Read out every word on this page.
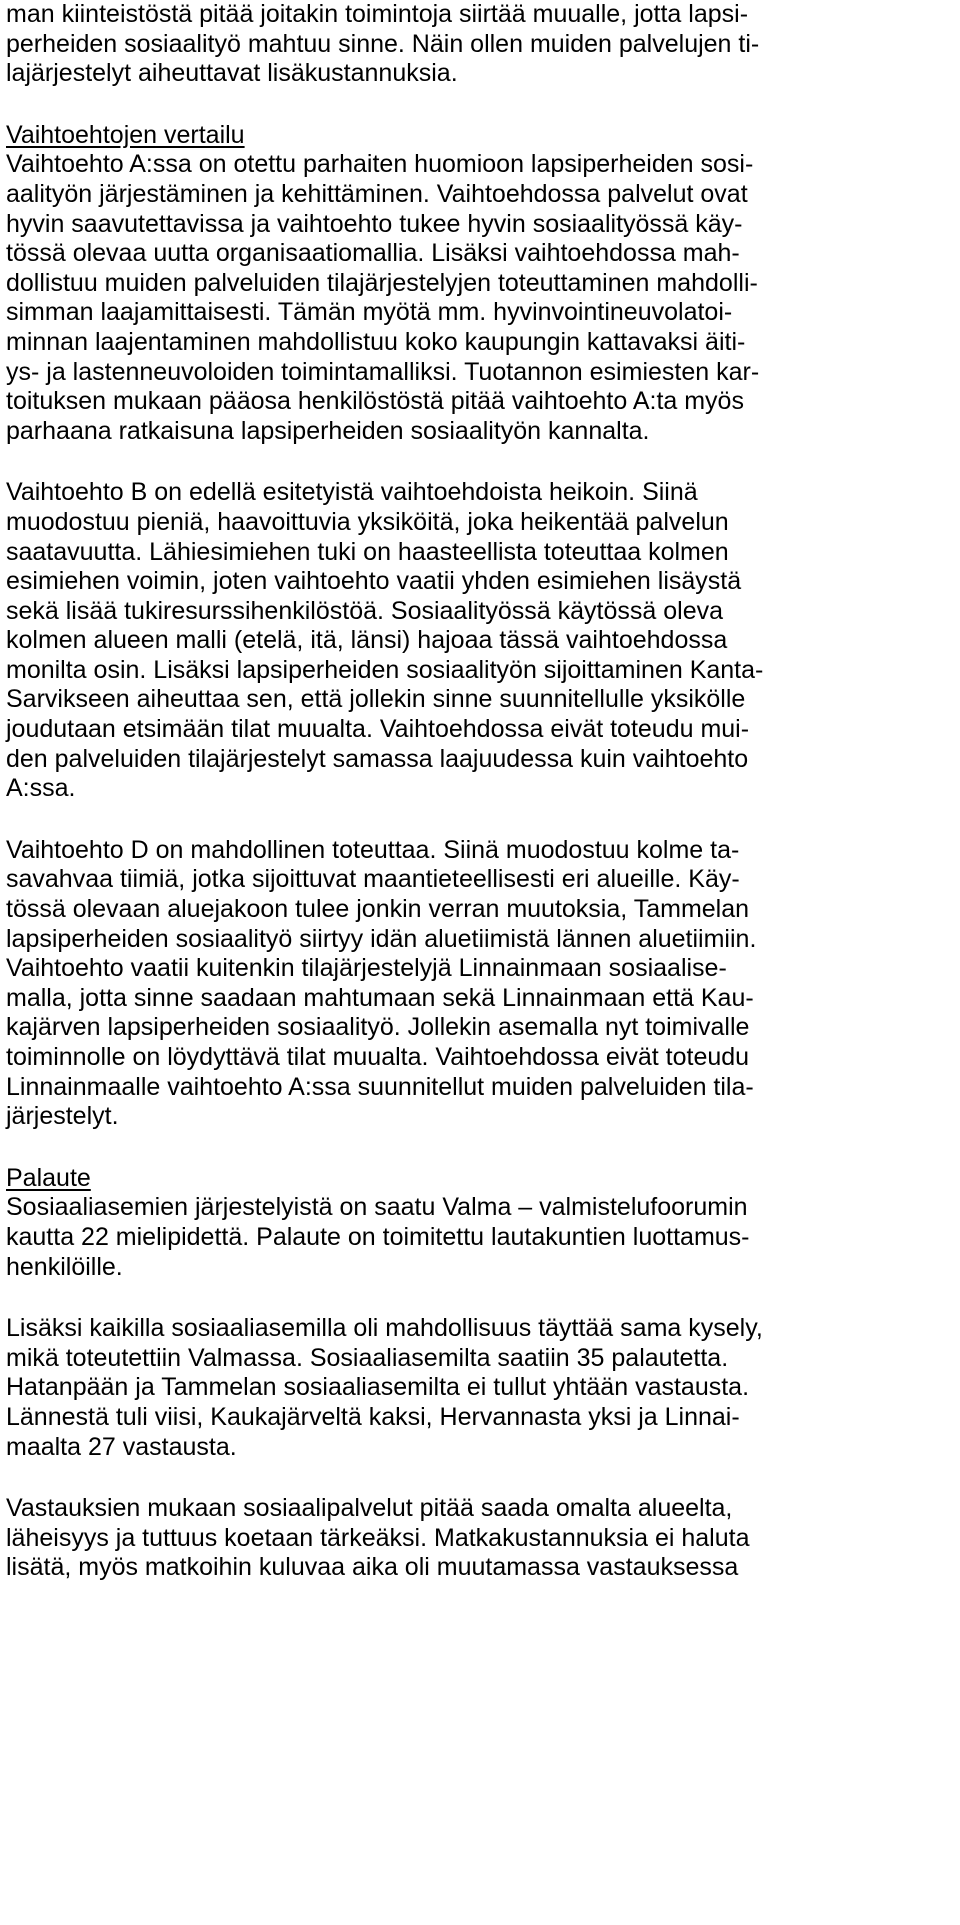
man kiinteistöstä pitää joitakin toimintoja siirtää muualle, jotta lapsi-
perheiden sosiaalityö mahtuu sinne. Näin ollen muiden palvelujen ti-
lajärjestelyt aiheuttavat lisäkustannuksia.
Vaihtoehtojen vertailu
Vaihtoehto A:ssa on otettu parhaiten huomioon lapsiperheiden sosi-
aalityön järjestäminen ja kehittäminen. Vaihtoehdossa palvelut ovat
hyvin saavutettavissa ja vaihtoehto tukee hyvin sosiaalityössä käy-
tössä olevaa uutta organisaatiomallia. Lisäksi vaihtoehdossa mah-
dollistuu muiden palveluiden tilajärjestelyjen toteuttaminen mahdolli-
simman laajamittaisesti. Tämän myötä mm. hyvinvointineuvolatoi-
minnan laajentaminen mahdollistuu koko kaupungin kattavaksi äiti-
ys- ja lastenneuvoloiden toimintamalliksi. Tuotannon esimiesten kar-
toituksen mukaan pääosa henkilöstöstä pitää vaihtoehto A:ta myös
parhaana ratkaisuna lapsiperheiden sosiaalityön kannalta.
Vaihtoehto B on edellä esitetyistä vaihtoehdoista heikoin. Siinä
muodostuu pieniä, haavoittuvia yksiköitä, joka heikentää palvelun
saatavuutta. Lähiesimiehen tuki on haasteellista toteuttaa kolmen
esimiehen voimin, joten vaihtoehto vaatii yhden esimiehen lisäystä
sekä lisää tukiresurssihenkilöstöä. Sosiaalityössä käytössä oleva
kolmen alueen malli (etelä, itä, länsi) hajoaa tässä vaihtoehdossa
monilta osin. Lisäksi lapsiperheiden sosiaalityön sijoittaminen Kanta-
Sarvikseen aiheuttaa sen, että jollekin sinne suunnitellulle yksikölle
joudutaan etsimään tilat muualta. Vaihtoehdossa eivät toteudu mui-
den palveluiden tilajärjestelyt samassa laajuudessa kuin vaihtoehto
A:ssa.
Vaihtoehto D on mahdollinen toteuttaa. Siinä muodostuu kolme ta-
savahvaa tiimiä, jotka sijoittuvat maantieteellisesti eri alueille. Käy-
tössä olevaan aluejakoon tulee jonkin verran muutoksia, Tammelan
lapsiperheiden sosiaalityö siirtyy idän aluetiimistä lännen aluetiimiin.
Vaihtoehto vaatii kuitenkin tilajärjestelyjä Linnainmaan sosiaalise-
malla, jotta sinne saadaan mahtumaan sekä Linnainmaan että Kau-
kajärven lapsiperheiden sosiaalityö. Jollekin asemalla nyt toimivalle
toiminnolle on löydyttävä tilat muualta. Vaihtoehdossa eivät toteudu
Linnainmaalle vaihtoehto A:ssa suunnitellut muiden palveluiden tila-
järjestelyt.
Palaute
Sosiaaliasemien järjestelyistä on saatu Valma – valmistelufoorumin
kautta 22 mielipidettä. Palaute on toimitettu lautakuntien luottamus-
henkilöille.
Lisäksi kaikilla sosiaaliasemilla oli mahdollisuus täyttää sama kysely,
mikä toteutettiin Valmassa. Sosiaaliasemilta saatiin 35 palautetta.
Hatanpään ja Tammelan sosiaaliasemilta ei tullut yhtään vastausta.
Lännestä tuli viisi, Kaukajärveltä kaksi, Hervannasta yksi ja Linnai-
maalta 27 vastausta.
Vastauksien mukaan sosiaalipalvelut pitää saada omalta alueelta,
läheisyys ja tuttuus koetaan tärkeäksi. Matkakustannuksia ei haluta
lisätä, myös matkoihin kuluvaa aika oli muutamassa vastauksessa
